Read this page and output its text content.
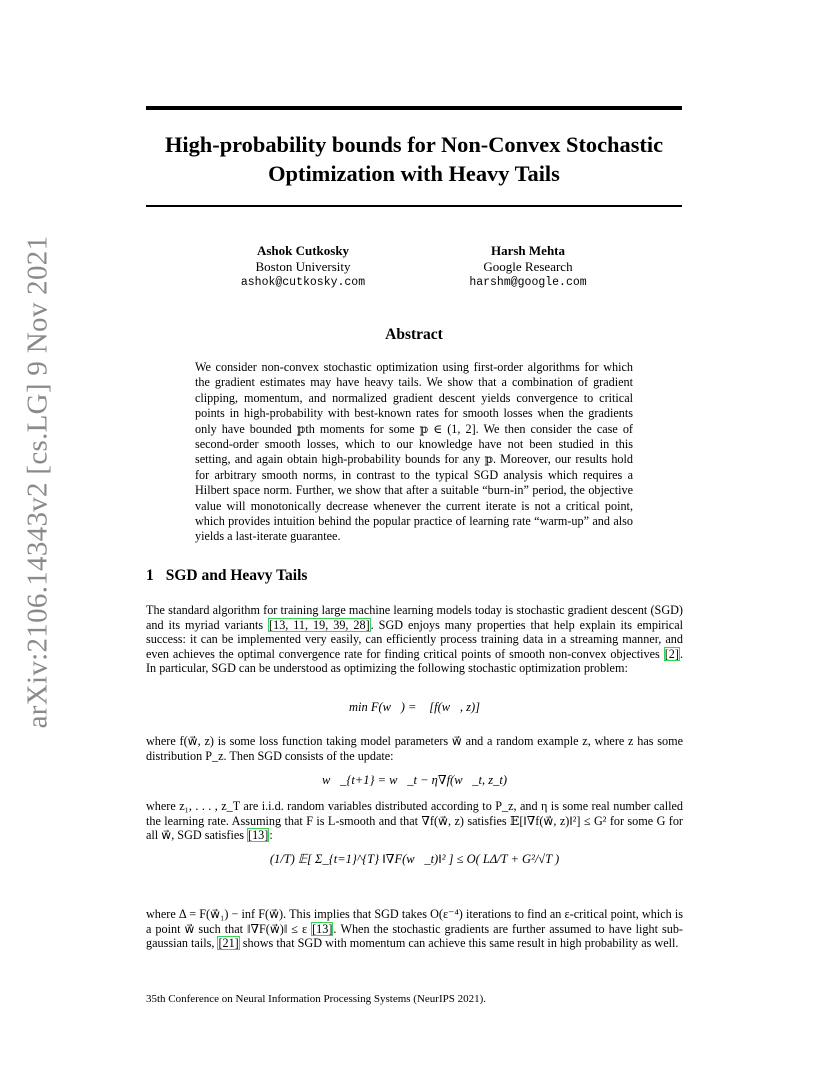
arXiv:2106.14343v2 [cs.LG] 9 Nov 2021
High-probability bounds for Non-Convex Stochastic Optimization with Heavy Tails
Ashok Cutkosky
Boston University
ashok@cutkosky.com
Harsh Mehta
Google Research
harshm@google.com
Abstract
We consider non-convex stochastic optimization using first-order algorithms for which the gradient estimates may have heavy tails. We show that a combination of gradient clipping, momentum, and normalized gradient descent yields convergence to critical points in high-probability with best-known rates for smooth losses when the gradients only have bounded 𝕡th moments for some 𝕡 ∈ (1, 2]. We then consider the case of second-order smooth losses, which to our knowledge have not been studied in this setting, and again obtain high-probability bounds for any 𝕡. Moreover, our results hold for arbitrary smooth norms, in contrast to the typical SGD analysis which requires a Hilbert space norm. Further, we show that after a suitable “burn-in” period, the objective value will monotonically decrease whenever the current iterate is not a critical point, which provides intuition behind the popular practice of learning rate “warm-up” and also yields a last-iterate guarantee.
1 SGD and Heavy Tails
The standard algorithm for training large machine learning models today is stochastic gradient descent (SGD) and its myriad variants [13, 11, 19, 39, 28]. SGD enjoys many properties that help explain its empirical success: it can be implemented very easily, can efficiently process training data in a streaming manner, and even achieves the optimal convergence rate for finding critical points of smooth non-convex objectives [2]. In particular, SGD can be understood as optimizing the following stochastic optimization problem:
min F(w⃗) = 𝔼[f(w⃗, z)]
where f(w⃗, z) is some loss function taking model parameters w⃗ and a random example z, where z has some distribution P_z. Then SGD consists of the update:
w⃗_{t+1} = w⃗_t − η∇f(w⃗_t, z_t)
where z₁, . . . , z_T are i.i.d. random variables distributed according to P_z, and η is some real number called the learning rate. Assuming that F is L-smooth and that ∇f(w⃗, z) satisfies 𝔼[‖∇f(w⃗, z)‖²] ≤ G² for some G for all w⃗, SGD satisfies [13]:
(1/T) 𝔼[ Σ_{t=1}^{T} ‖∇F(w⃗_t)‖² ] ≤ O( LΔ/T + G²/√T )
where Δ = F(w⃗₁) − inf F(w⃗). This implies that SGD takes O(ε⁻⁴) iterations to find an ε-critical point, which is a point w⃗ such that ‖∇F(w⃗)‖ ≤ ε [13]. When the stochastic gradients are further assumed to have light sub-gaussian tails, [21] shows that SGD with momentum can achieve this same result in high probability as well.
35th Conference on Neural Information Processing Systems (NeurIPS 2021).
